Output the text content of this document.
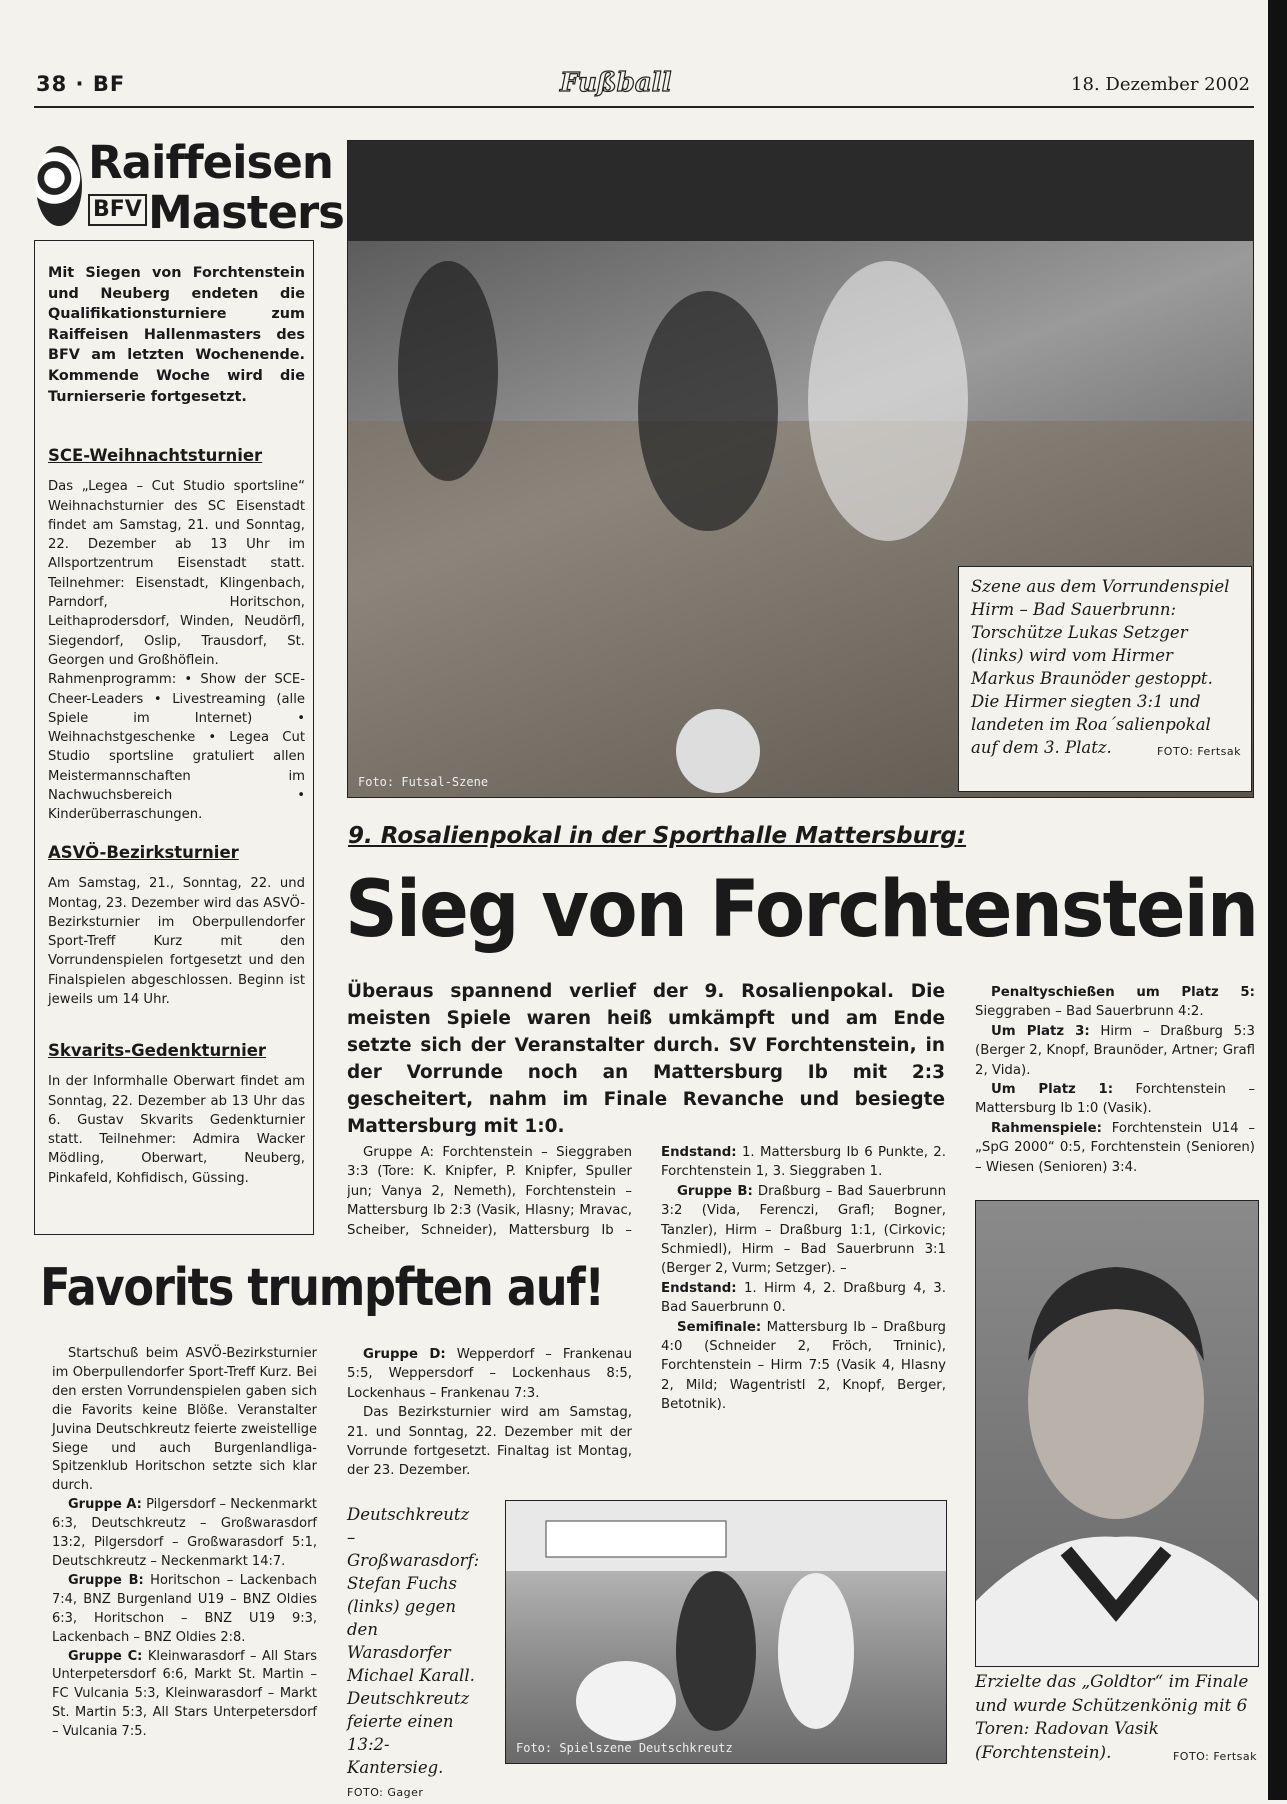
38 · BF	Fußball	18. Dezember 2002
Raiffeisen
BFV Masters
Mit Siegen von Forchtenstein und Neuberg endeten die Qualifikationsturniere zum Raiffeisen Hallenmasters des BFV am letzten Wochenende. Kommende Woche wird die Turnierserie fortgesetzt.
SCE-Weihnachtsturnier

Das „Legea – Cut Studio sportsline“ Weihnachsturnier des SC Eisenstadt findet am Samstag, 21. und Sonntag, 22. Dezember ab 13 Uhr im Allsportzentrum Eisenstadt statt. Teilnehmer: Eisenstadt, Klingenbach, Parndorf, Horitschon, Leithaprodersdorf, Winden, Neudörfl, Siegendorf, Oslip, Trausdorf, St. Georgen und Großhöflein.

Rahmenprogramm: • Show der SCE-Cheer-Leaders • Livestreaming (alle Spiele im Internet) • Weihnachstgeschenke • Legea Cut Studio sportsline gratuliert allen Meistermannschaften im Nachwuchsbereich • Kinderüberraschungen.

ASVÖ-Bezirksturnier

Am Samstag, 21., Sonntag, 22. und Montag, 23. Dezember wird das ASVÖ-Bezirksturnier im Oberpullendorfer Sport-Treff Kurz mit den Vorrundenspielen fortgesetzt und den Finalspielen abgeschlossen. Beginn ist jeweils um 14 Uhr.

Skvarits-Gedenkturnier

In der Informhalle Oberwart findet am Sonntag, 22. Dezember ab 13 Uhr das 6. Gustav Skvarits Gedenkturnier statt. Teilnehmer: Admira Wacker Mödling, Oberwart, Neuberg, Pinkafeld, Kohfidisch, Güssing.

Foto: Futsal-Szene
Szene aus dem Vorrundenspiel Hirm – Bad Sauerbrunn: Torschütze Lukas Setzger (links) wird vom Hirmer Markus Braunöder gestoppt. Die Hirmer siegten 3:1 und landeten im Roa´salienpokal auf dem 3. Platz.	FOTO: Fertsak
9. Rosalienpokal in der Sporthalle Mattersburg:
Sieg von Forchtenstein
Überaus spannend verlief der 9. Rosalienpokal. Die meisten Spiele waren heiß umkämpft und am Ende setzte sich der Veranstalter durch. SV Forchtenstein, in der Vorrunde noch an Mattersburg Ib mit 2:3 gescheitert, nahm im Finale Revanche und besiegte Mattersburg mit 1:0.

Gruppe A: Forchtenstein – Sieggraben 3:3 (Tore: K. Knipfer, P. Knipfer, Spuller jun; Vanya 2, Nemeth), Forchtenstein – Mattersburg Ib 2:3 (Vasik, Hlasny; Mravac, Scheiber, Schneider), Mattersburg Ib –

Endstand: 1. Mattersburg Ib 6 Punkte, 2. Forchtenstein 1, 3. Sieggraben 1.

Gruppe B: Draßburg – Bad Sauerbrunn 3:2 (Vida, Ferenczi, Grafl; Bogner, Tanzler), Hirm – Draßburg 1:1, (Cirkovic; Schmiedl), Hirm – Bad Sauerbrunn 3:1 (Berger 2, Vurm; Setzger). –

Endstand: 1. Hirm 4, 2. Draßburg 4, 3. Bad Sauerbrunn 0.

Semifinale: Mattersburg Ib – Draßburg 4:0 (Schneider 2, Fröch, Trninic), Forchtenstein – Hirm 7:5 (Vasik 4, Hlasny 2, Mild; Wagentristl 2, Knopf, Berger, Betotnik).

Penaltyschießen um Platz 5: Sieggraben – Bad Sauerbrunn 4:2.

Um Platz 3: Hirm – Draßburg 5:3 (Berger 2, Knopf, Braunöder, Artner; Grafl 2, Vida).

Um Platz 1: Forchtenstein – Mattersburg Ib 1:0 (Vasik).

Rahmenspiele: Forchtenstein U14 – „SpG 2000“ 0:5, Forchtenstein (Senioren) – Wiesen (Senioren) 3:4.

Foto: Radovan Vasik
Erzielte das „Goldtor“ im Finale und wurde Schützenkönig mit 6 Toren: Radovan Vasik (Forchtenstein).	FOTO: Fertsak
Favorits trumpften auf!

Startschuß beim ASVÖ-Bezirksturnier im Oberpullendorfer Sport-Treff Kurz. Bei den ersten Vorrundenspielen gaben sich die Favorits keine Blöße. Veranstalter Juvina Deutschkreutz feierte zweistellige Siege und auch Burgenlandliga-Spitzenklub Horitschon setzte sich klar durch.

Gruppe A: Pilgersdorf – Neckenmarkt 6:3, Deutschkreutz – Großwarasdorf 13:2, Pilgersdorf – Großwarasdorf 5:1, Deutschkreutz – Neckenmarkt 14:7.

Gruppe B: Horitschon – Lackenbach 7:4, BNZ Burgenland U19 – BNZ Oldies 6:3, Horitschon – BNZ U19 9:3, Lackenbach – BNZ Oldies 2:8.

Gruppe C: Kleinwarasdorf – All Stars Unterpetersdorf 6:6, Markt St. Martin – FC Vulcania 5:3, Kleinwarasdorf – Markt St. Martin 5:3, All Stars Unterpetersdorf – Vulcania 7:5.

Gruppe D: Wepperdorf – Frankenau 5:5, Weppersdorf – Lockenhaus 8:5, Lockenhaus – Frankenau 7:3.

Das Bezirksturnier wird am Samstag, 21. und Sonntag, 22. Dezember mit der Vorrunde fortgesetzt. Finaltag ist Montag, der 23. Dezember.

Deutschkreutz – Großwarasdorf: Stefan Fuchs (links) gegen den Warasdorfer Michael Karall. Deutschkreutz feierte einen 13:2-Kantersieg. FOTO: Gager
Foto: Spielszene Deutschkreutz
